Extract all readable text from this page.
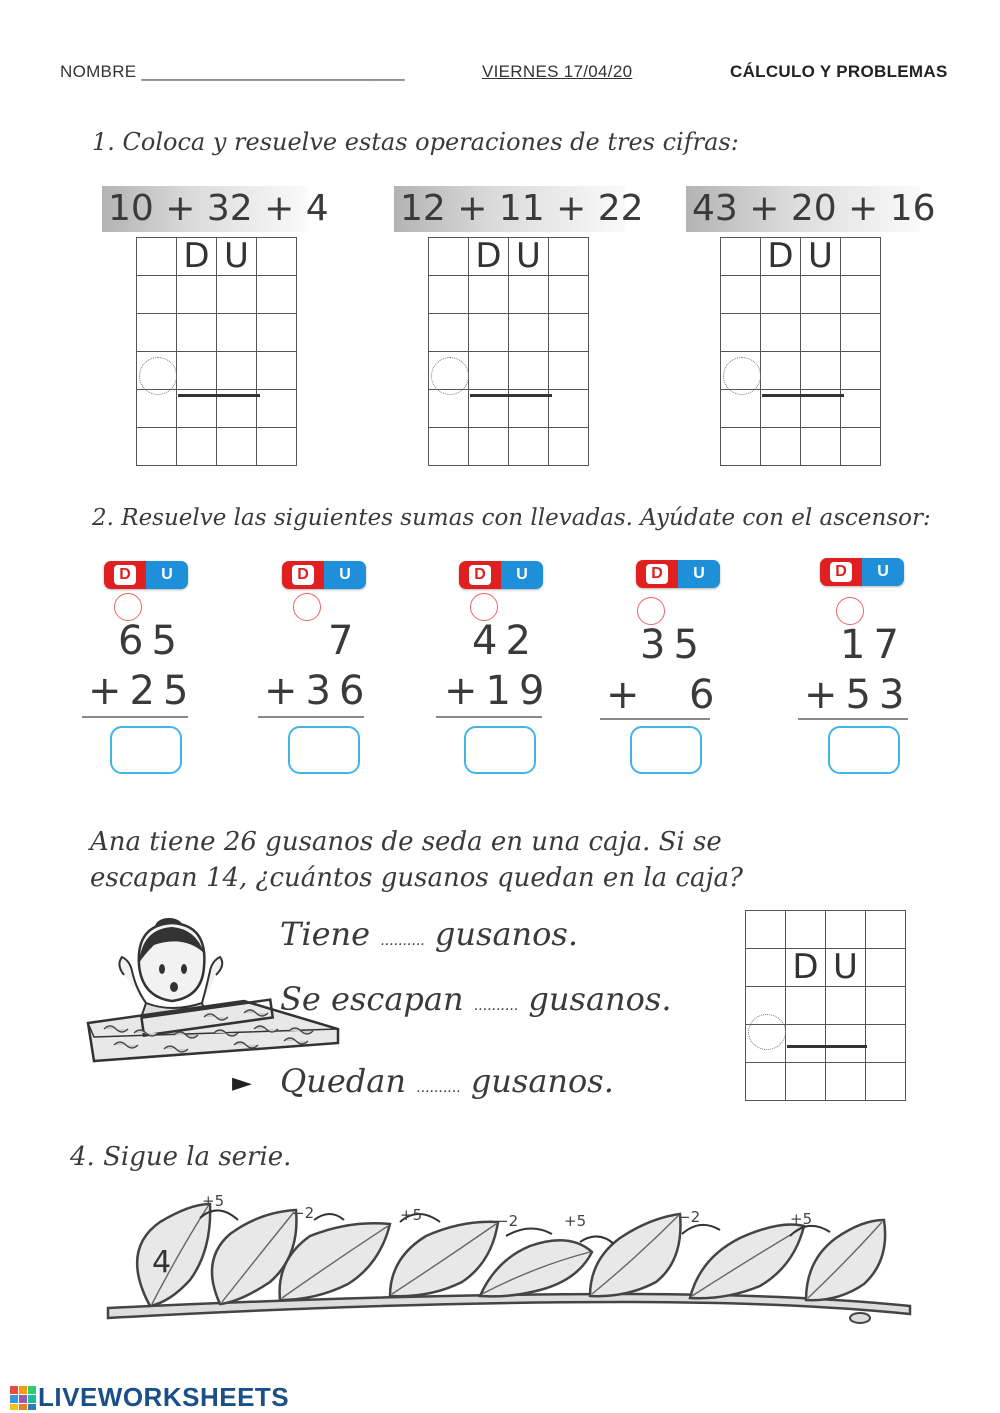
NOMBRE ___________________________	VIERNES 17/04/20	CÁLCULO Y PROBLEMAS
1. Coloca y resuelve estas operaciones de tres cifras:
10 + 32 + 4
	D	U	

12 + 11 + 22
	D	U	

43 + 20 + 16
	D	U	

2. Resuelve las siguientes sumas con llevadas. Ayúdate con el ascensor:
D	U
65
+25
D	U
7
+36
D	U
42
+19
D	U
35
+  6
D	U
17
+53
Ana tiene 26 gusanos de seda en una caja. Si se
escapan 14, ¿cuántos gusanos quedan en la caja?
Tiene .......... gusanos.
Se escapan .......... gusanos.
► Quedan .......... gusanos.

	D	U	

4. Sigue la serie.
4
+5
−2	+5	−2	+5	−2	+5
LIVEWORKSHEETS
